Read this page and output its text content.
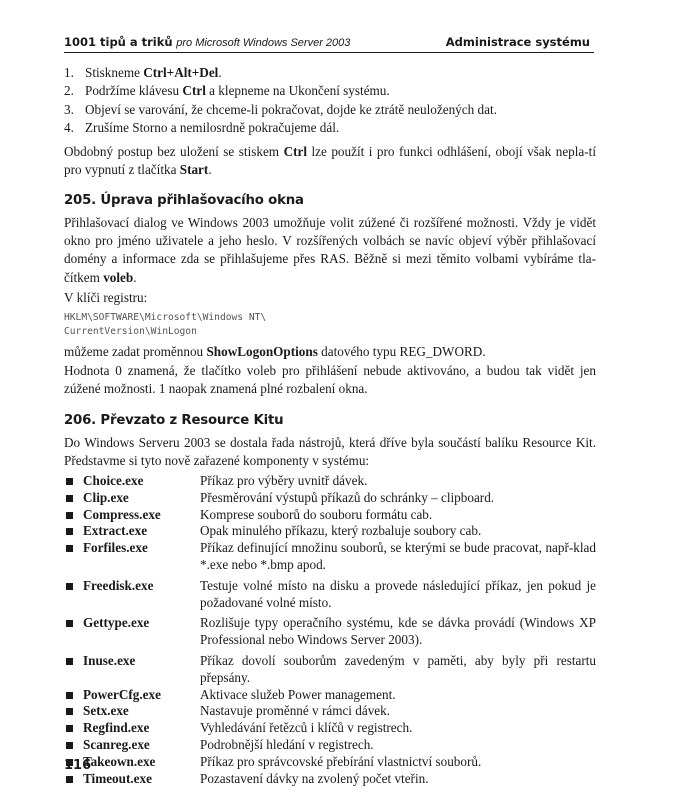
1001 tipů a triků pro Microsoft Windows Server 2003	Administrace systému
1. Stiskneme Ctrl+Alt+Del.
2. Podržíme klávesu Ctrl a klepneme na Ukončení systému.
3. Objeví se varování, že chceme-li pokračovat, dojde ke ztrátě neuložených dat.
4. Zrušíme Storno a nemilosrdně pokračujeme dál.

Obdobný postup bez uložení se stiskem Ctrl lze použít i pro funkci odhlášení, obojí však nepla-tí pro vypnutí z tlačítka Start.

205. Úprava přihlašovacího okna

Přihlašovací dialog ve Windows 2003 umožňuje volit zúžené či rozšířené možnosti. Vždy je vidět okno pro jméno uživatele a jeho heslo. V rozšířených volbách se navíc objeví výběr přihlašovací domény a informace zda se přihlašujeme přes RAS. Běžně si mezi těmito volbami vybíráme tla-čítkem voleb.

V klíči registru:

HKLM\SOFTWARE\Microsoft\Windows NT\
CurrentVersion\WinLogon

můžeme zadat proměnnou ShowLogonOptions datového typu REG_DWORD.

Hodnota 0 znamená, že tlačítko voleb pro přihlášení nebude aktivováno, a budou tak vidět jen zúžené možnosti. 1 naopak znamená plné rozbalení okna.

206. Převzato z Resource Kitu

Do Windows Serveru 2003 se dostala řada nástrojů, která dříve byla součástí balíku Resource Kit. Představme si tyto nově zařazené komponenty v systému:

Choice.exe	Příkaz pro výběry uvnitř dávek.
Clip.exe	Přesměrování výstupů příkazů do schránky – clipboard.
Compress.exe	Komprese souborů do souboru formátu cab.
Extract.exe	Opak minulého příkazu, který rozbaluje soubory cab.
Forfiles.exe	Příkaz definující množinu souborů, se kterými se bude pracovat, např-klad *.exe nebo *.bmp apod.
Freedisk.exe	Testuje volné místo na disku a provede následující příkaz, jen pokud je požadované volné místo.
Gettype.exe	Rozlišuje typy operačního systému, kde se dávka provádí (Windows XP Professional nebo Windows Server 2003).
Inuse.exe	Příkaz dovolí souborům zavedeným v paměti, aby byly při restartu přepsány.
PowerCfg.exe	Aktivace služeb Power management.
Setx.exe	Nastavuje proměnné v rámci dávek.
Regfind.exe	Vyhledávání řetězců i klíčů v registrech.
Scanreg.exe	Podrobnější hledání v registrech.
Takeown.exe	Příkaz pro správcovské přebírání vlastnictví souborů.
Timeout.exe	Pozastavení dávky na zvolený počet vteřin.
116
